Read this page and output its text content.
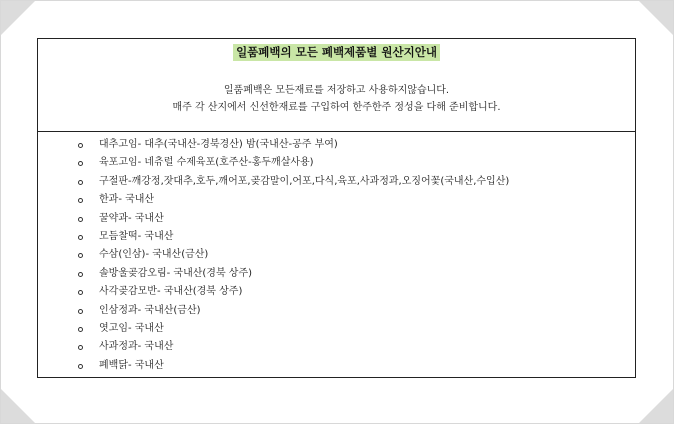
일품폐백의 모든 폐백제품별 원산지안내
일품폐백은 모든재료를 저장하고 사용하지않습니다.
매주 각 산지에서 신선한재료를 구입하여 한주한주 정성을 다해 준비합니다.
대추고임- 대추(국내산-경북경산) 밤(국내산-공주 부여)
육포고임- 네츄럴 수제육포(호주산-홍두깨살사용)
구절판-깨강정,잣대추,호두,깨어포,곶감말이,어포,다식,육포,사과정과,오징어꽃(국내산,수입산)
한과- 국내산
꿀약과- 국내산
모듬찰떡- 국내산
수삼(인삼)- 국내산(금산)
솔방울곶감오림- 국내산(경북 상주)
사각곶감모반- 국내산(경북 상주)
인삼정과- 국내산(금산)
엿고임- 국내산
사과정과- 국내산
폐백닭- 국내산
